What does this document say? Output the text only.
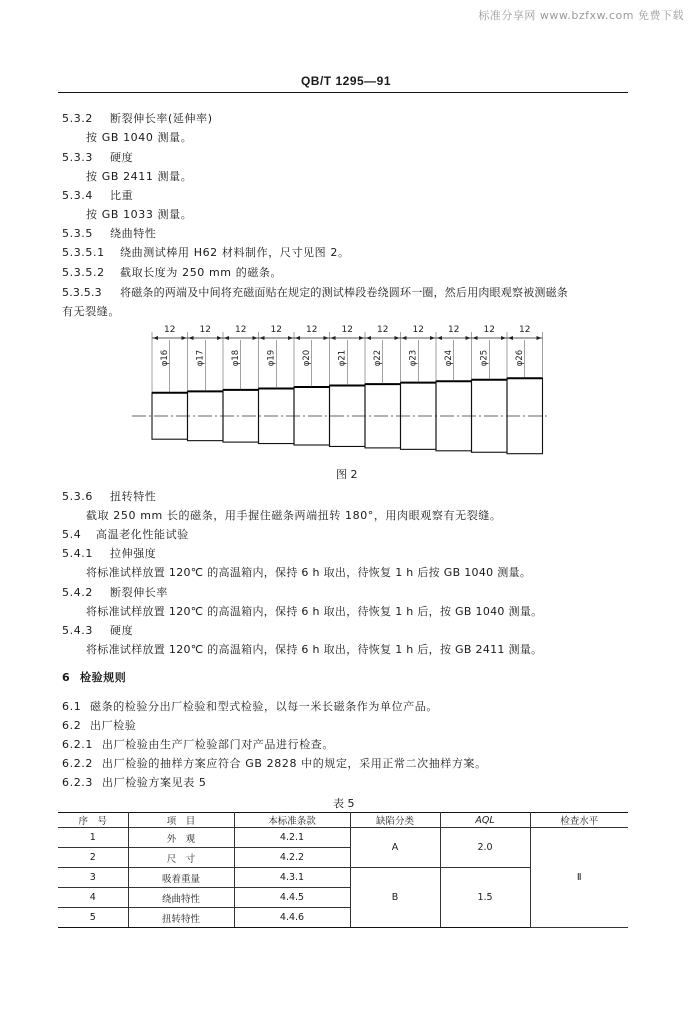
标准分享网 www.bzfxw.com 免费下载
QB/T 1295—91
5.3.2 断裂伸长率(延伸率)
按 GB 1040 测量。
5.3.3 硬度
按 GB 2411 测量。
5.3.4 比重
按 GB 1033 测量。
5.3.5 绕曲特性
5.3.5.1 绕曲测试棒用 H62 材料制作，尺寸见图 2。
5.3.5.2 截取长度为 250 mm 的磁条。
5.3.5.3 将磁条的两端及中间将充磁面贴在规定的测试棒段卷绕圆环一圈，然后用肉眼观察被测磁条
有无裂缝。
12
φ16
12
φ17
12
φ18
12
φ19
12
φ20
12
φ21
12
φ22
12
φ23
12
φ24
12
φ25
12
φ26
图 2
5.3.6 扭转特性
截取 250 mm 长的磁条，用手握住磁条两端扭转 180°，用肉眼观察有无裂缝。
5.4 高温老化性能试验
5.4.1 拉伸强度
将标准试样放置 120℃ 的高温箱内，保持 6 h 取出，待恢复 1 h 后按 GB 1040 测量。
5.4.2 断裂伸长率
将标准试样放置 120℃ 的高温箱内，保持 6 h 取出，待恢复 1 h 后，按 GB 1040 测量。
5.4.3 硬度
将标准试样放置 120℃ 的高温箱内，保持 6 h 取出，待恢复 1 h 后，按 GB 2411 测量。
6 检验规则
6.1 磁条的检验分出厂检验和型式检验，以每一米长磁条作为单位产品。
6.2 出厂检验
6.2.1 出厂检验由生产厂检验部门对产品进行检查。
6.2.2 出厂检验的抽样方案应符合 GB 2828 中的规定，采用正常二次抽样方案。
6.2.3 出厂检验方案见表 5
表 5
序　号	项　目	本标准条款	缺陷分类	AQL	检查水平
1	外　观	4.2.1	A	2.0	Ⅱ
2	尺　寸	4.2.2			
3	吸着重量	4.3.1	B	1.5	
4	绕曲特性	4.4.5			
5	扭转特性	4.4.6			
